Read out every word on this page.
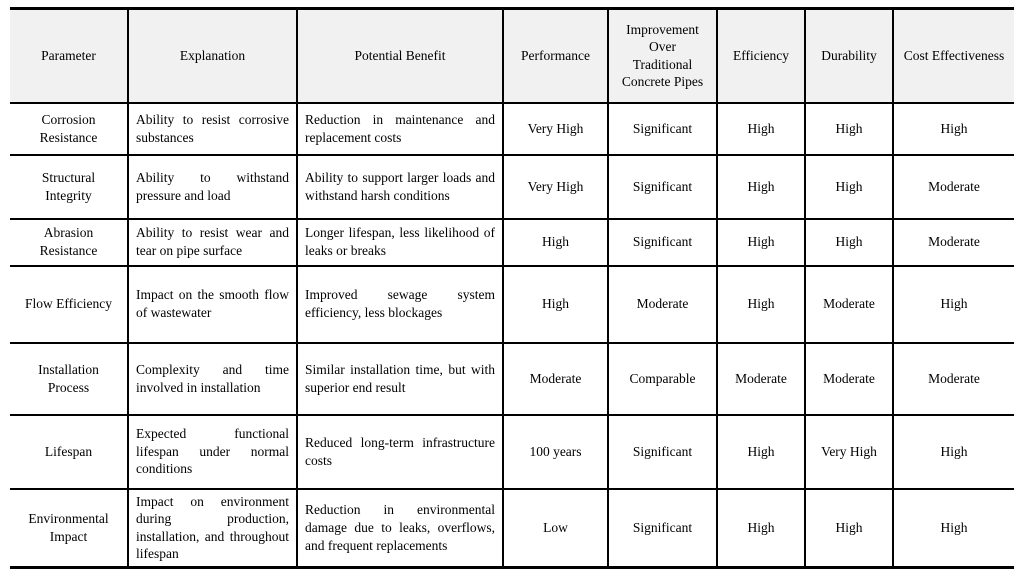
Parameter	Explanation	Potential Benefit	Performance	Improvement Over Traditional Concrete Pipes	Efficiency	Durability	Cost Effectiveness
Corrosion Resistance	Ability to resist corrosive substances	Reduction in maintenance and replacement costs	Very High	Significant	High	High	High
Structural Integrity	Ability to withstand pressure and load	Ability to support larger loads and withstand harsh conditions	Very High	Significant	High	High	Moderate
Abrasion Resistance	Ability to resist wear and tear on pipe surface	Longer lifespan, less likelihood of leaks or breaks	High	Significant	High	High	Moderate
Flow Efficiency	Impact on the smooth flow of wastewater	Improved sewage system efficiency, less blockages	High	Moderate	High	Moderate	High
Installation Process	Complexity and time involved in installation	Similar installation time, but with superior end result	Moderate	Comparable	Moderate	Moderate	Moderate
Lifespan	Expected functional lifespan under normal conditions	Reduced long-term infrastructure costs	100 years	Significant	High	Very High	High
Environmental Impact	Impact on environment during production, installation, and throughout lifespan	Reduction in environmental damage due to leaks, overflows, and frequent replacements	Low	Significant	High	High	High
